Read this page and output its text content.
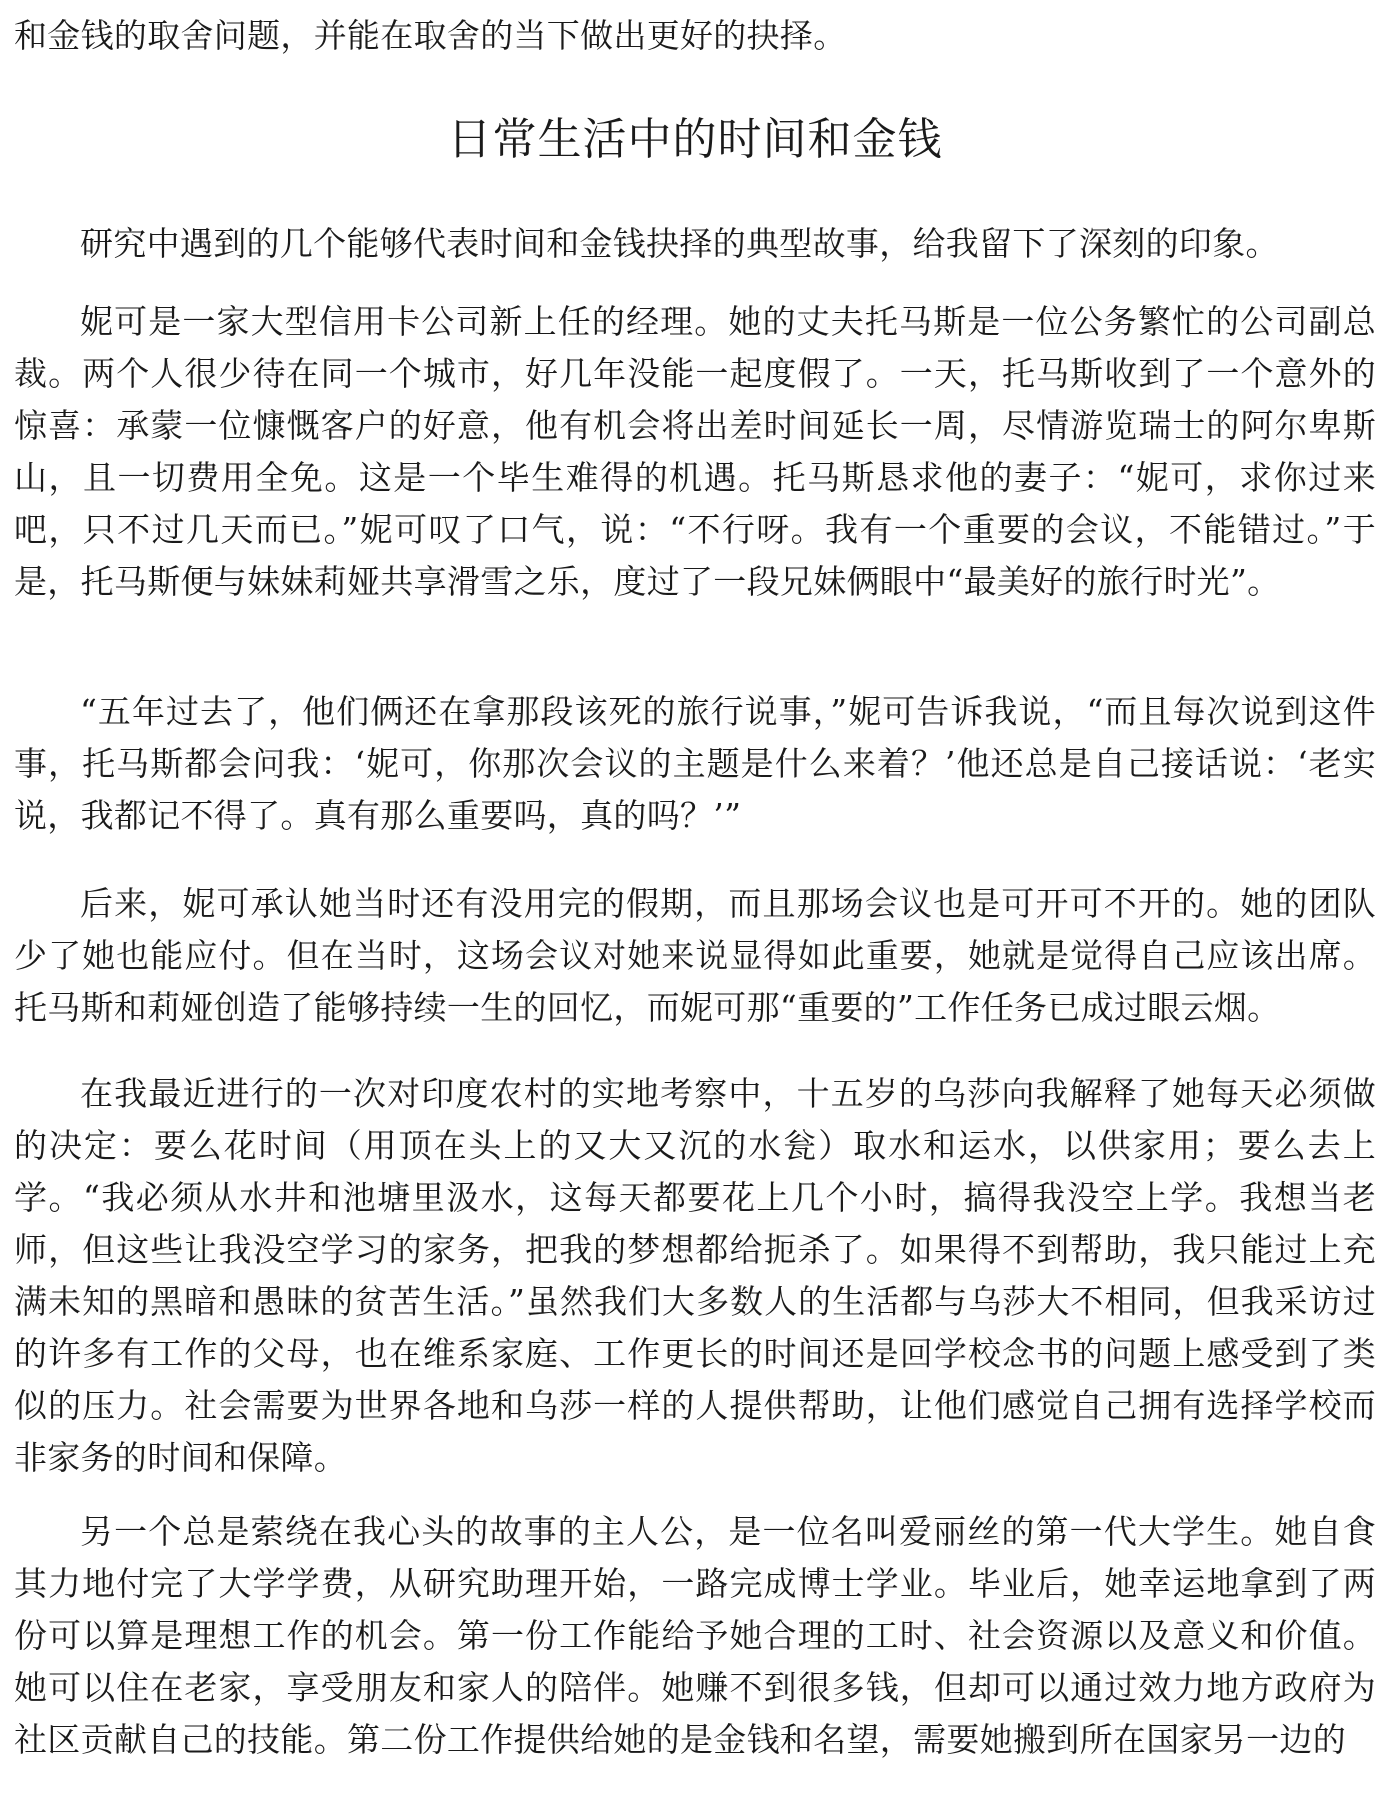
和金钱的取舍问题，并能在取舍的当下做出更好的抉择。

日常生活中的时间和金钱

研究中遇到的几个能够代表时间和金钱抉择的典型故事，给我留下了深刻的印象。

妮可是一家大型信用卡公司新上任的经理。她的丈夫托马斯是一位公务繁忙的公司副总裁。两个人很少待在同一个城市，好几年没能一起度假了。一天，托马斯收到了一个意外的惊喜：承蒙一位慷慨客户的好意，他有机会将出差时间延长一周，尽情游览瑞士的阿尔卑斯山，且一切费用全免。这是一个毕生难得的机遇。托马斯恳求他的妻子：“妮可，求你过来吧，只不过几天而已。”妮可叹了口气，说：“不行呀。我有一个重要的会议，不能错过。”于是，托马斯便与妹妹莉娅共享滑雪之乐，度过了一段兄妹俩眼中“最美好的旅行时光”。

“五年过去了，他们俩还在拿那段该死的旅行说事，”妮可告诉我说，“而且每次说到这件事，托马斯都会问我：‘妮可，你那次会议的主题是什么来着？’他还总是自己接话说：‘老实说，我都记不得了。真有那么重要吗，真的吗？’”

后来，妮可承认她当时还有没用完的假期，而且那场会议也是可开可不开的。她的团队少了她也能应付。但在当时，这场会议对她来说显得如此重要，她就是觉得自己应该出席。托马斯和莉娅创造了能够持续一生的回忆，而妮可那“重要的”工作任务已成过眼云烟。

在我最近进行的一次对印度农村的实地考察中，十五岁的乌莎向我解释了她每天必须做的决定：要么花时间（用顶在头上的又大又沉的水瓮）取水和运水，以供家用；要么去上学。“我必须从水井和池塘里汲水，这每天都要花上几个小时，搞得我没空上学。我想当老师，但这些让我没空学习的家务，把我的梦想都给扼杀了。如果得不到帮助，我只能过上充满未知的黑暗和愚昧的贫苦生活。”虽然我们大多数人的生活都与乌莎大不相同，但我采访过的许多有工作的父母，也在维系家庭、工作更长的时间还是回学校念书的问题上感受到了类似的压力。社会需要为世界各地和乌莎一样的人提供帮助，让他们感觉自己拥有选择学校而非家务的时间和保障。

另一个总是萦绕在我心头的故事的主人公，是一位名叫爱丽丝的第一代大学生。她自食其力地付完了大学学费，从研究助理开始，一路完成博士学业。毕业后，她幸运地拿到了两份可以算是理想工作的机会。第一份工作能给予她合理的工时、社会资源以及意义和价值。她可以住在老家，享受朋友和家人的陪伴。她赚不到很多钱，但却可以通过效力地方政府为社区贡献自己的技能。第二份工作提供给她的是金钱和名望，需要她搬到所在国家另一边的
